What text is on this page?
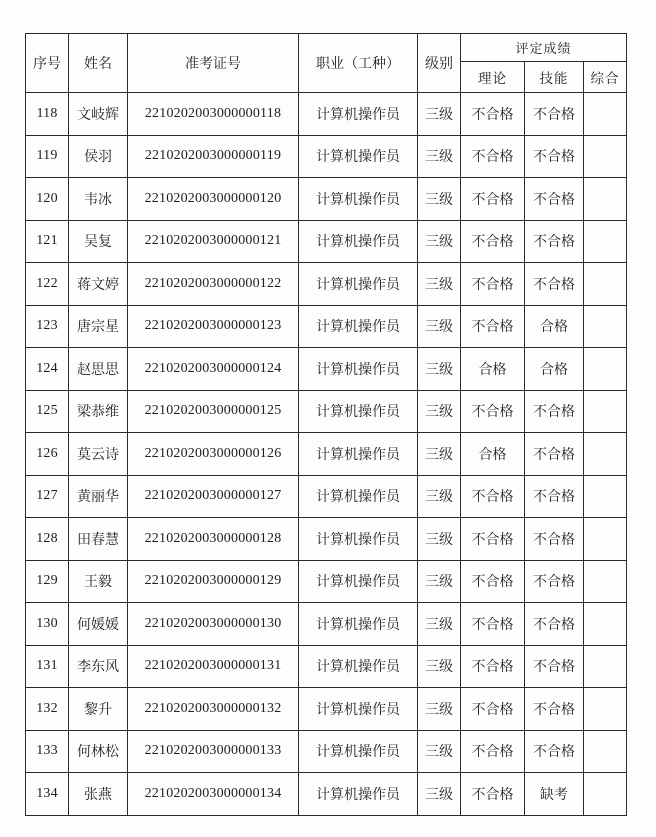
序号	姓名	准考证号	职业（工种）	级别	评定成绩		
					理论	技能	综合
118	文岐辉	2210202003000000118	计算机操作员	三级	不合格	不合格	
119	侯羽	2210202003000000119	计算机操作员	三级	不合格	不合格	
120	韦冰	2210202003000000120	计算机操作员	三级	不合格	不合格	
121	吴复	2210202003000000121	计算机操作员	三级	不合格	不合格	
122	蒋文婷	2210202003000000122	计算机操作员	三级	不合格	不合格	
123	唐宗星	2210202003000000123	计算机操作员	三级	不合格	合格	
124	赵思思	2210202003000000124	计算机操作员	三级	合格	合格	
125	梁恭维	2210202003000000125	计算机操作员	三级	不合格	不合格	
126	莫云诗	2210202003000000126	计算机操作员	三级	合格	不合格	
127	黄丽华	2210202003000000127	计算机操作员	三级	不合格	不合格	
128	田春慧	2210202003000000128	计算机操作员	三级	不合格	不合格	
129	王毅	2210202003000000129	计算机操作员	三级	不合格	不合格	
130	何媛媛	2210202003000000130	计算机操作员	三级	不合格	不合格	
131	李东风	2210202003000000131	计算机操作员	三级	不合格	不合格	
132	黎升	2210202003000000132	计算机操作员	三级	不合格	不合格	
133	何林松	2210202003000000133	计算机操作员	三级	不合格	不合格	
134	张燕	2210202003000000134	计算机操作员	三级	不合格	缺考	
